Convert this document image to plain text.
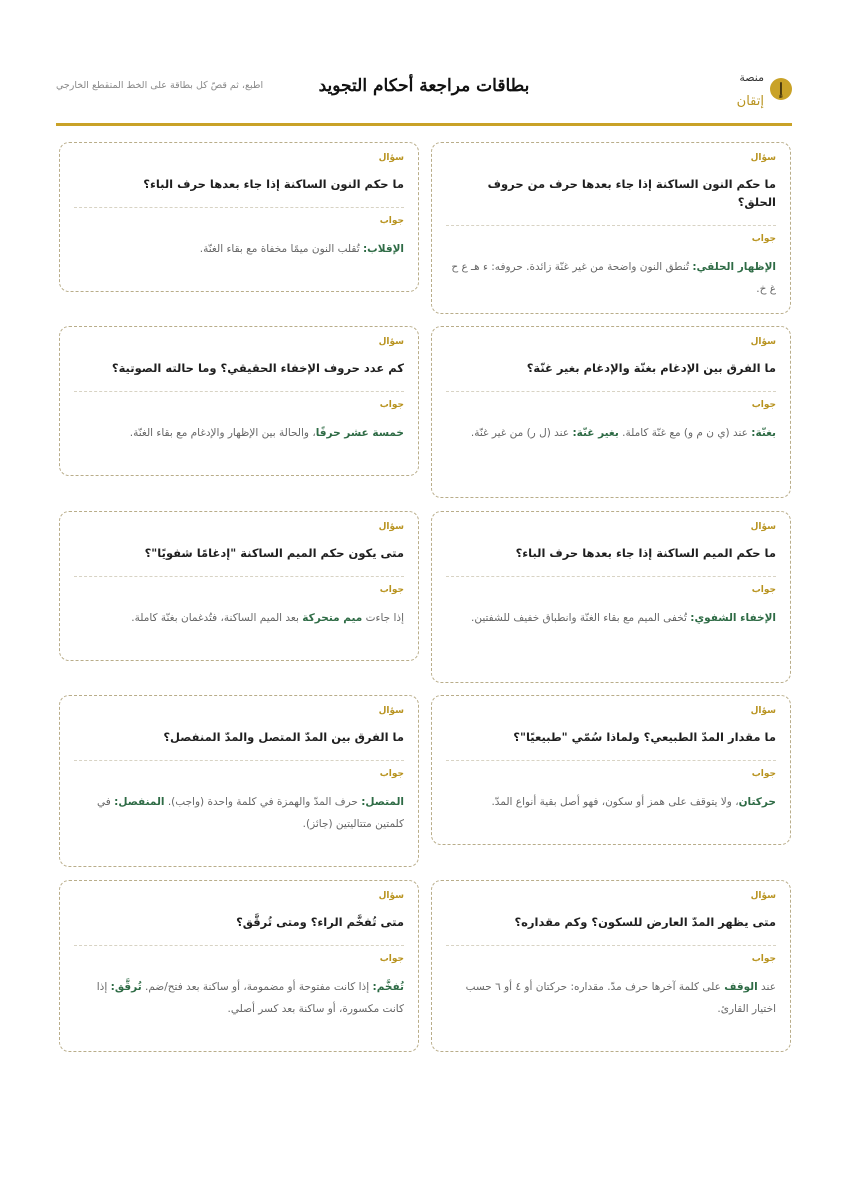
إ
منصة
إتقان
بطاقات مراجعة أحكام التجويد
اطبع، ثم قصّ كل بطاقة على الخط المتقطع الخارجي
سؤال
ما حكم النون الساكنة إذا جاء بعدها حرف من حروف الحلق؟
جواب
الإظهار الحلقي: تُنطق النون واضحة من غير غنّة زائدة. حروفه: ء هـ ع ح غ خ.
سؤال
ما حكم النون الساكنة إذا جاء بعدها حرف الباء؟
جواب
الإقلاب: تُقلب النون ميمًا مخفاة مع بقاء الغنّة.
سؤال
ما الفرق بين الإدغام بغنّة والإدغام بغير غنّة؟
جواب
بغنّة: عند (ي ن م و) مع غنّة كاملة. بغير غنّة: عند (ل ر) من غير غنّة.
سؤال
كم عدد حروف الإخفاء الحقيقي؟ وما حالته الصوتية؟
جواب
خمسة عشر حرفًا، والحالة بين الإظهار والإدغام مع بقاء الغنّة.
سؤال
ما حكم الميم الساكنة إذا جاء بعدها حرف الباء؟
جواب
الإخفاء الشفوي: تُخفى الميم مع بقاء الغنّة وانطباق خفيف للشفتين.
سؤال
متى يكون حكم الميم الساكنة "إدغامًا شفويًا"؟
جواب
إذا جاءت ميم متحركة بعد الميم الساكنة، فتُدغمان بغنّة كاملة.
سؤال
ما مقدار المدّ الطبيعي؟ ولماذا سُمّي "طبيعيًا"؟
جواب
حركتان، ولا يتوقف على همز أو سكون، فهو أصل بقية أنواع المدّ.
سؤال
ما الفرق بين المدّ المتصل والمدّ المنفصل؟
جواب
المتصل: حرف المدّ والهمزة في كلمة واحدة (واجب). المنفصل: في كلمتين متتاليتين (جائز).
سؤال
متى يظهر المدّ العارض للسكون؟ وكم مقداره؟
جواب
عند الوقف على كلمة آخرها حرف مدّ. مقداره: حركتان أو ٤ أو ٦ حسب اختيار القارئ.
سؤال
متى تُفخَّم الراء؟ ومتى تُرقَّق؟
جواب
تُفخَّم: إذا كانت مفتوحة أو مضمومة، أو ساكنة بعد فتح/ضم. تُرقَّق: إذا كانت مكسورة، أو ساكنة بعد كسر أصلي.
